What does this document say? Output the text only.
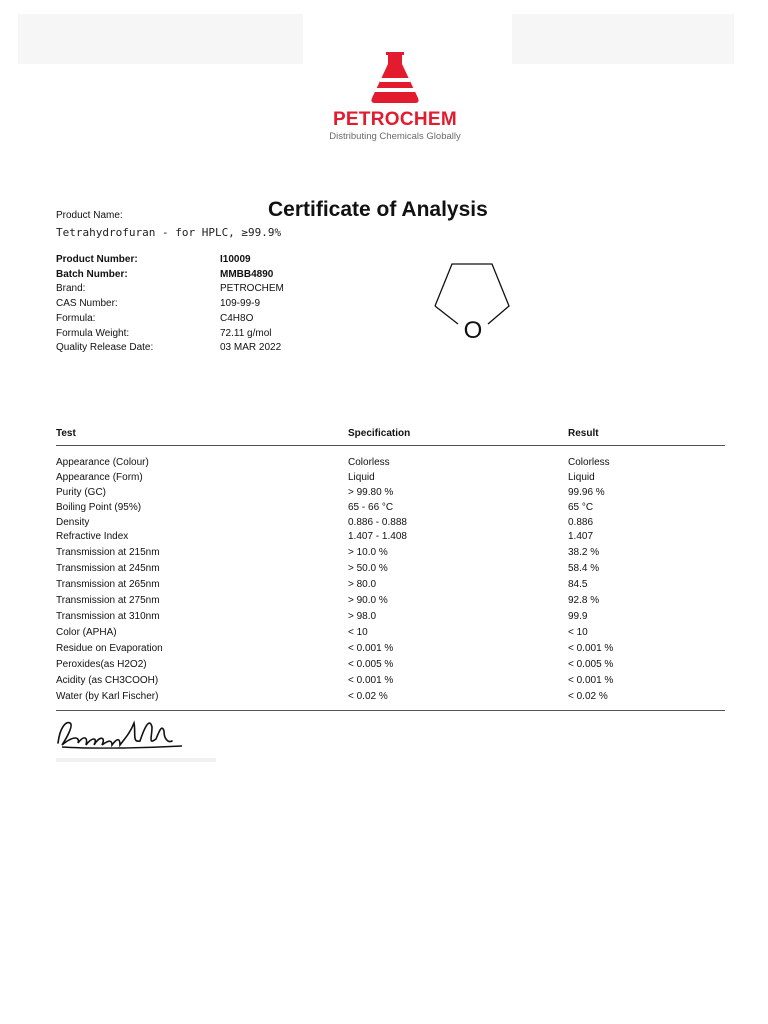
PETROCHEM
Distributing Chemicals Globally
Certificate of Analysis
Product Name:
Tetrahydrofuran - for HPLC, ≥99.9%
Product Number:	I10009
Batch Number:	MMBB4890
Brand:	PETROCHEM
CAS Number:	109-99-9
Formula:	C4H8O
Formula Weight:	72.11 g/mol
Quality Release Date:	03 MAR 2022
O
Test	Specification	Result
Appearance (Colour)	Colorless	Colorless
Appearance (Form)	Liquid	Liquid
Purity (GC)	> 99.80 %	99.96 %
Boiling Point (95%)	65 - 66 °C	65 °C
Density	0.886 - 0.888	0.886
Refractive Index	1.407 - 1.408	1.407
Transmission at 215nm	> 10.0 %	38.2 %
Transmission at 245nm	> 50.0 %	58.4 %
Transmission at 265nm	> 80.0	84.5
Transmission at 275nm	> 90.0 %	92.8 %
Transmission at 310nm	> 98.0	99.9
Color (APHA)	< 10	< 10
Residue on Evaporation	< 0.001 %	< 0.001 %
Peroxides(as H2O2)	< 0.005 %	< 0.005 %
Acidity (as CH3COOH)	< 0.001 %	< 0.001 %
Water (by Karl Fischer)	< 0.02 %	< 0.02 %
